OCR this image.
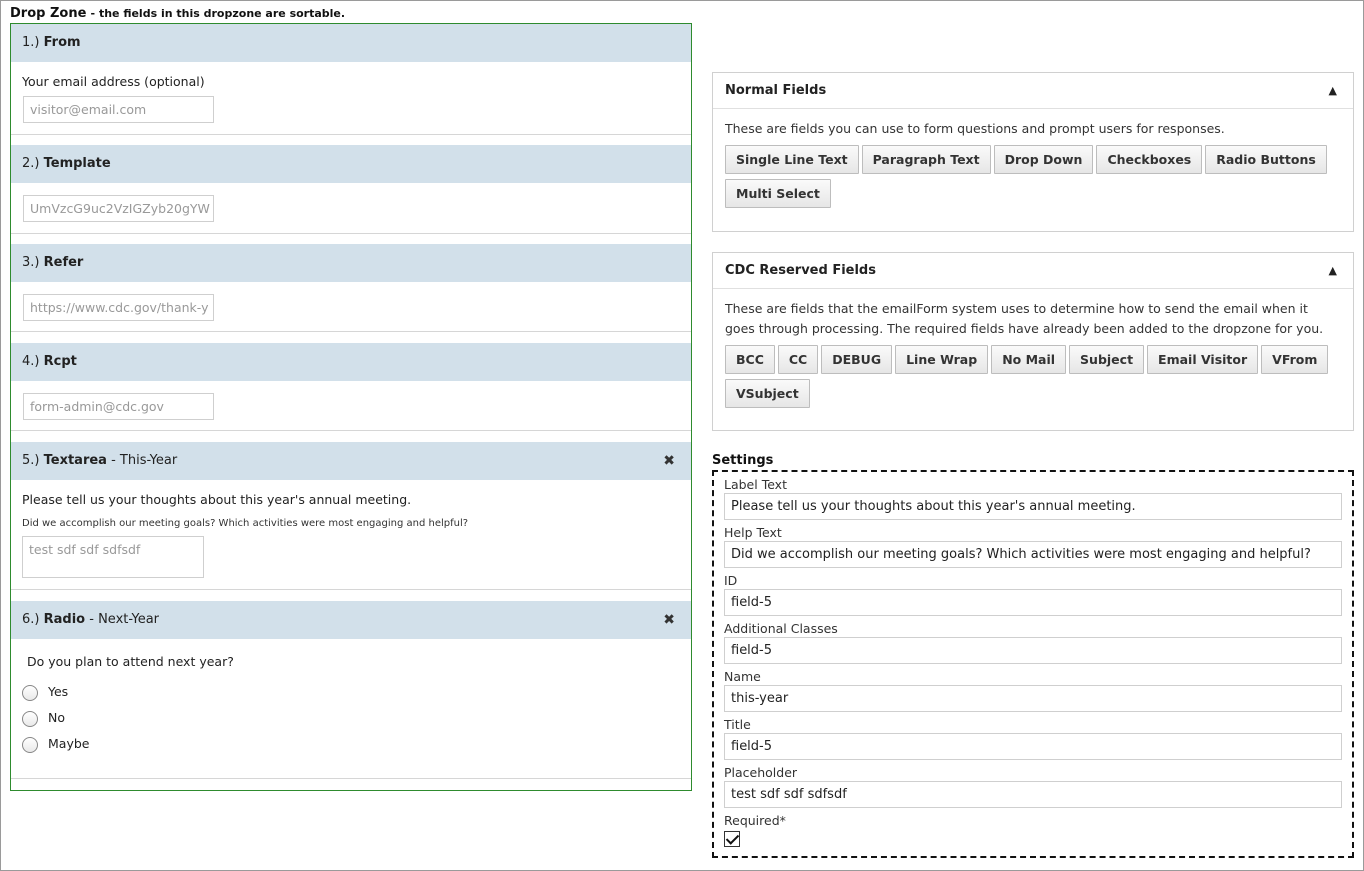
Drop Zone - the fields in this dropzone are sortable.
1.) From
Your email address (optional)
visitor@email.com
2.) Template
UmVzcG9uc2VzIGZyb20gYW
3.) Refer
https://www.cdc.gov/thank-y
4.) Rcpt
form-admin@cdc.gov
5.) Textarea - This-Year	✖
Please tell us your thoughts about this year's annual meeting.
Did we accomplish our meeting goals? Which activities were most engaging and helpful?
test sdf sdf sdfsdf
6.) Radio - Next-Year	✖
Do you plan to attend next year?
Yes
No
Maybe
Normal Fields	▲
These are fields you can use to form questions and prompt users for responses.
Single Line Text Paragraph Text Drop Down Checkboxes Radio ButtonsMulti Select
CDC Reserved Fields	▲
These are fields that the emailForm system uses to determine how to send the email when it goes through processing. The required fields have already been added to the dropzone for you.
BCC CC DEBUG Line Wrap No Mail Subject Email Visitor VFromVSubject
Settings
Label Text
Please tell us your thoughts about this year's annual meeting.
Help Text
Did we accomplish our meeting goals? Which activities were most engaging and helpful?
ID
field-5
Additional Classes
field-5
Name
this-year
Title
field-5
Placeholder
test sdf sdf sdfsdf
Required*
